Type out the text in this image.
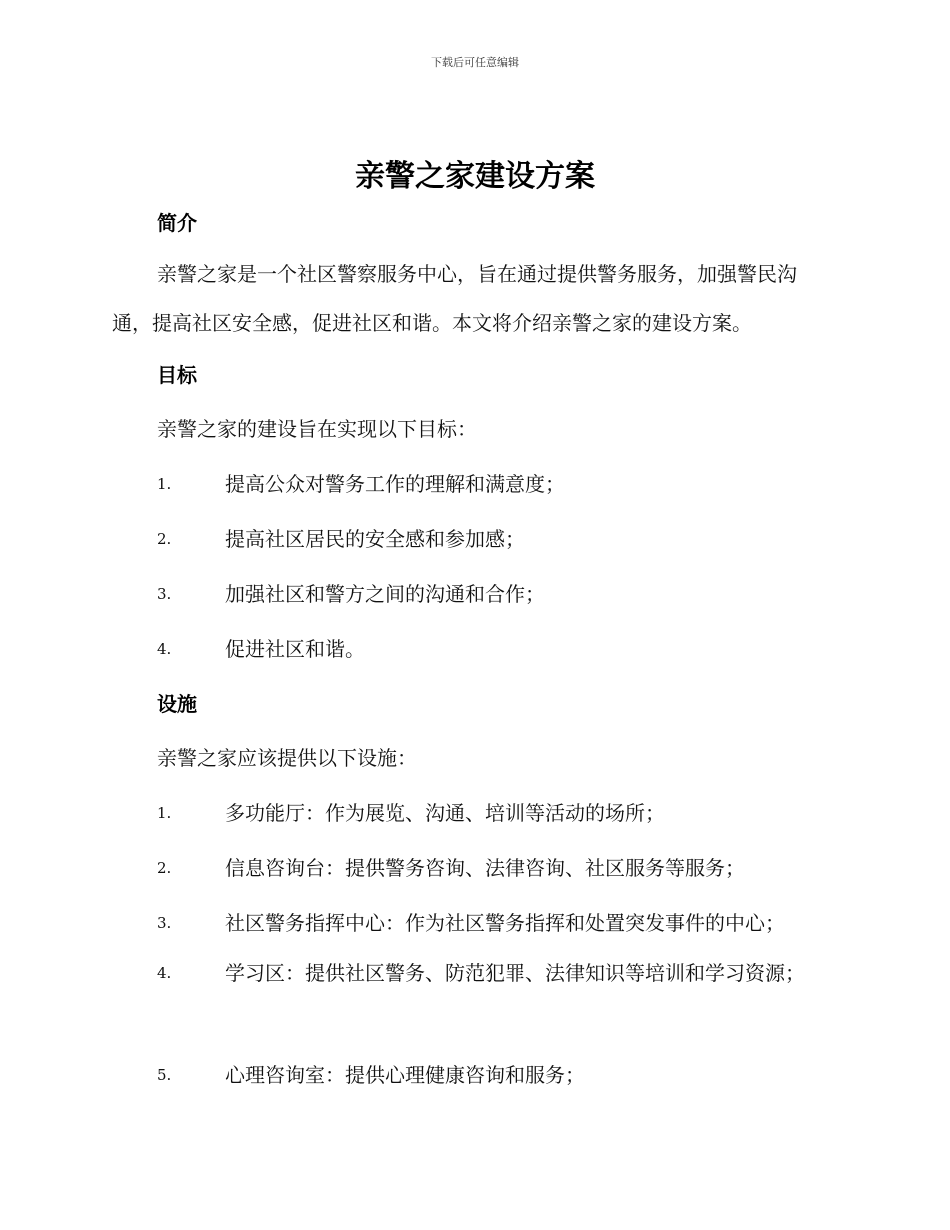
下载后可任意编辑
亲警之家建设方案
简介

亲警之家是一个社区警察服务中心，旨在通过提供警务服务，加强警民沟通，提高社区安全感，促进社区和谐。本文将介绍亲警之家的建设方案。

目标

亲警之家的建设旨在实现以下目标：

1.	提高公众对警务工作的理解和满意度；
2.	提高社区居民的安全感和参加感；
3.	加强社区和警方之间的沟通和合作；
4.	促进社区和谐。
设施

亲警之家应该提供以下设施：

1.	多功能厅：作为展览、沟通、培训等活动的场所；
2.	信息咨询台：提供警务咨询、法律咨询、社区服务等服务；
3.	社区警务指挥中心：作为社区警务指挥和处置突发事件的中心；

4.	学习区：提供社区警务、防范犯罪、法律知识等培训和学习资源；

5.	心理咨询室：提供心理健康咨询和服务；
